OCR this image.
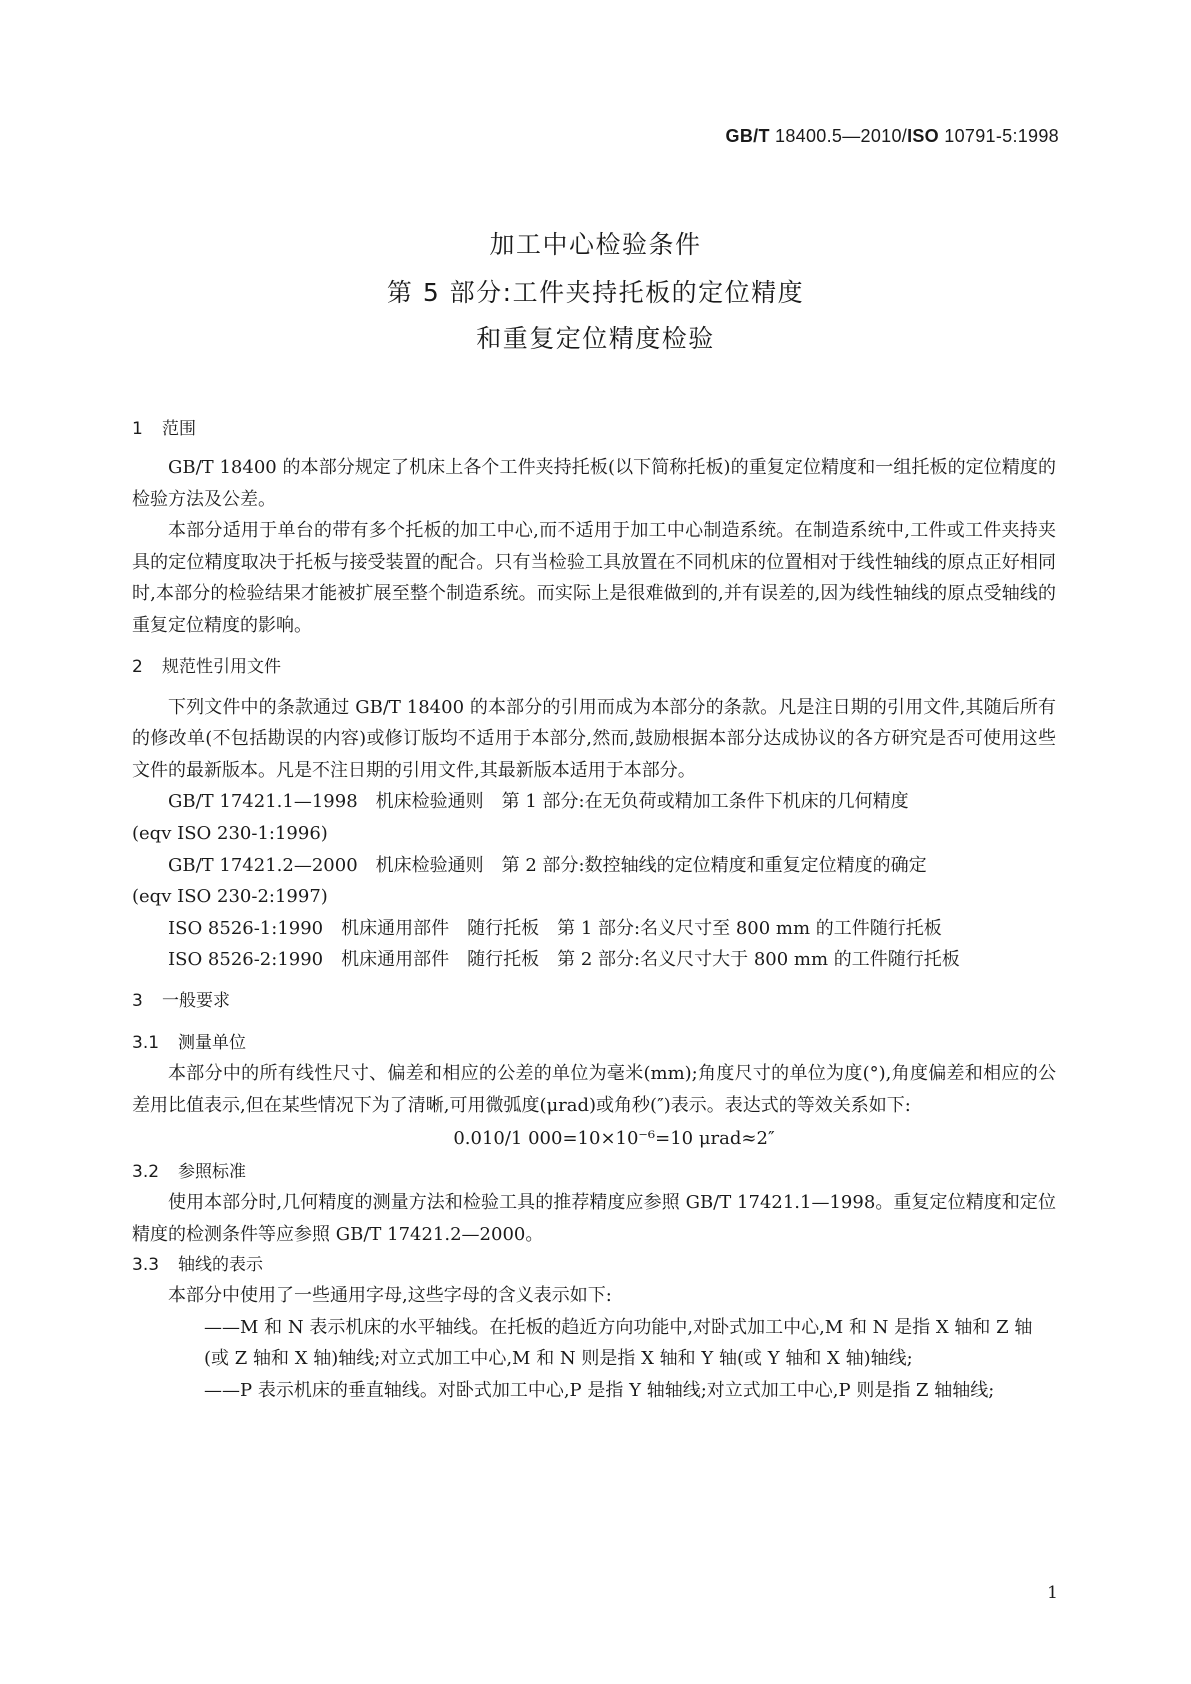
GB/T 18400.5—2010/ISO 10791-5:1998
加工中心检验条件
第 5 部分:工件夹持托板的定位精度
和重复定位精度检验
1 范围
GB/T 18400 的本部分规定了机床上各个工件夹持托板(以下简称托板)的重复定位精度和一组托板的定位精度的检验方法及公差。
本部分适用于单台的带有多个托板的加工中心,而不适用于加工中心制造系统。在制造系统中,工件或工件夹持夹具的定位精度取决于托板与接受装置的配合。只有当检验工具放置在不同机床的位置相对于线性轴线的原点正好相同时,本部分的检验结果才能被扩展至整个制造系统。而实际上是很难做到的,并有误差的,因为线性轴线的原点受轴线的重复定位精度的影响。
2 规范性引用文件
下列文件中的条款通过 GB/T 18400 的本部分的引用而成为本部分的条款。凡是注日期的引用文件,其随后所有的修改单(不包括勘误的内容)或修订版均不适用于本部分,然而,鼓励根据本部分达成协议的各方研究是否可使用这些文件的最新版本。凡是不注日期的引用文件,其最新版本适用于本部分。
GB/T 17421.1—1998　机床检验通则　第 1 部分:在无负荷或精加工条件下机床的几何精度
(eqv ISO 230-1:1996)
GB/T 17421.2—2000　机床检验通则　第 2 部分:数控轴线的定位精度和重复定位精度的确定
(eqv ISO 230-2:1997)
ISO 8526-1:1990　机床通用部件　随行托板　第 1 部分:名义尺寸至 800 mm 的工件随行托板
ISO 8526-2:1990　机床通用部件　随行托板　第 2 部分:名义尺寸大于 800 mm 的工件随行托板
3 一般要求
3.1 测量单位
本部分中的所有线性尺寸、偏差和相应的公差的单位为毫米(mm);角度尺寸的单位为度(°),角度偏差和相应的公差用比值表示,但在某些情况下为了清晰,可用微弧度(μrad)或角秒(″)表示。表达式的等效关系如下:
0.010/1 000=10×10⁻⁶=10 μrad≈2″
3.2 参照标准
使用本部分时,几何精度的测量方法和检验工具的推荐精度应参照 GB/T 17421.1—1998。重复定位精度和定位精度的检测条件等应参照 GB/T 17421.2—2000。
3.3 轴线的表示
本部分中使用了一些通用字母,这些字母的含义表示如下:
——M 和 N 表示机床的水平轴线。在托板的趋近方向功能中,对卧式加工中心,M 和 N 是指 X 轴和 Z 轴(或 Z 轴和 X 轴)轴线;对立式加工中心,M 和 N 则是指 X 轴和 Y 轴(或 Y 轴和 X 轴)轴线;
——P 表示机床的垂直轴线。对卧式加工中心,P 是指 Y 轴轴线;对立式加工中心,P 则是指 Z 轴轴线;
1
